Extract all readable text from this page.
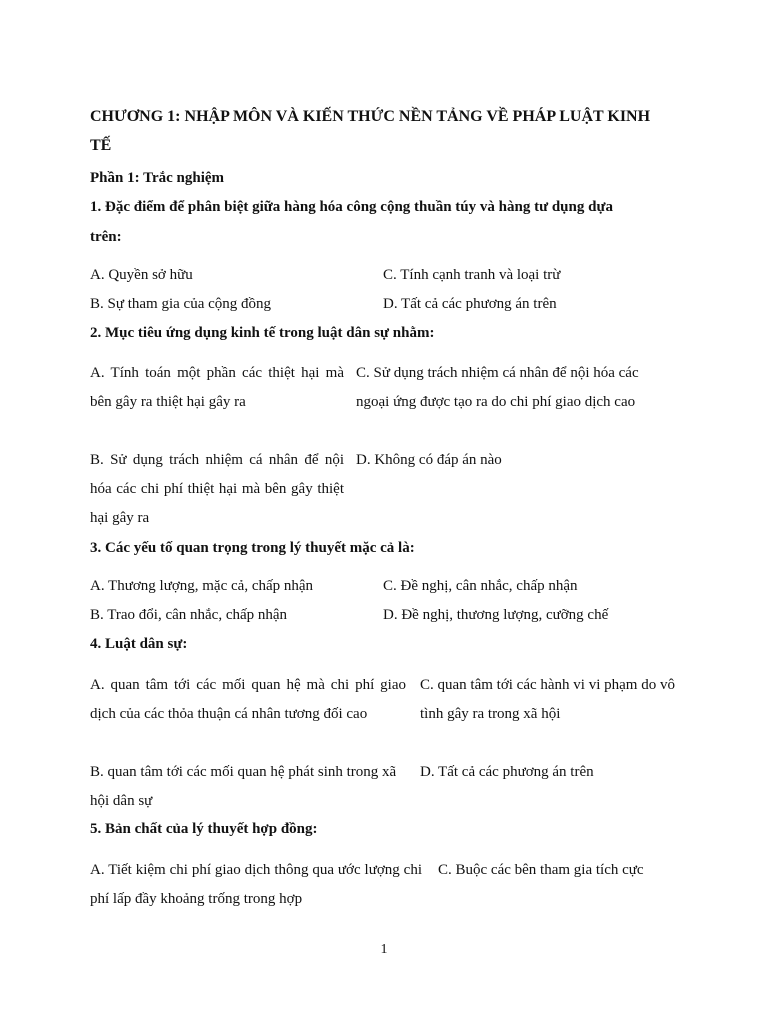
CHƯƠNG 1: NHẬP MÔN VÀ KIẾN THỨC NỀN TẢNG VỀ PHÁP LUẬT KINH
TẾ
Phần 1: Trắc nghiệm
1. Đặc điểm để phân biệt giữa hàng hóa công cộng thuần túy và hàng tư dụng dựa
trên:
A. Quyền sở hữu	C. Tính cạnh tranh và loại trừ
B. Sự tham gia của cộng đồng	D. Tất cả các phương án trên
2. Mục tiêu ứng dụng kinh tế trong luật dân sự nhằm:
A. Tính toán một phần các thiệt hại mà bên gây ra thiệt hại gây ra
C. Sử dụng trách nhiệm cá nhân để nội hóa các ngoại ứng được tạo ra do chi phí giao dịch cao
B. Sử dụng trách nhiệm cá nhân để nội hóa các chi phí thiệt hại mà bên gây thiệt hại gây ra
D. Không có đáp án nào
3. Các yếu tố quan trọng trong lý thuyết mặc cả là:
A. Thương lượng, mặc cả, chấp nhận	C. Đề nghị, cân nhắc, chấp nhận
B. Trao đổi, cân nhắc, chấp nhận	D. Đề nghị, thương lượng, cưỡng chế
4. Luật dân sự:
A. quan tâm tới các mối quan hệ mà chi phí giao dịch của các thỏa thuận cá nhân tương đối cao
C. quan tâm tới các hành vi vi phạm do vô tình gây ra trong xã hội
B. quan tâm tới các mối quan hệ phát sinh trong xã hội dân sự
D. Tất cả các phương án trên
5. Bản chất của lý thuyết hợp đồng:
A. Tiết kiệm chi phí giao dịch thông qua ước lượng chi phí lấp đầy khoảng trống trong hợp
C. Buộc các bên tham gia tích cực
1
